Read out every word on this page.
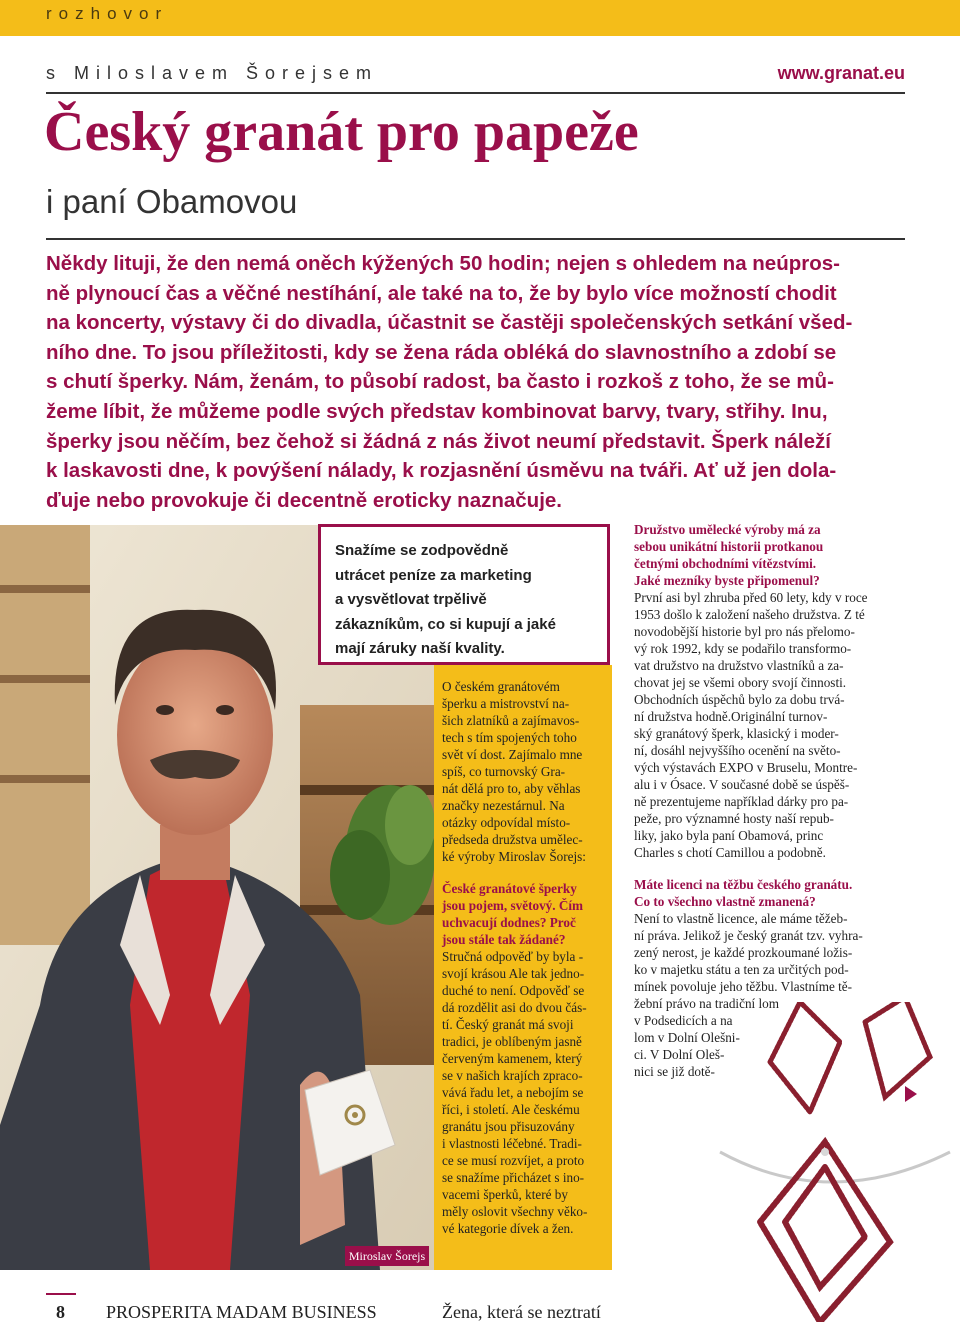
rozhovor
s Miloslavem Šorejsem	www.granat.eu
Český granát pro papeže
i paní Obamovou
Někdy lituji, že den nemá oněch kýžených 50 hodin; nejen s ohledem na neúpros-
ně plynoucí čas a věčné nestíhání, ale také na to, že by bylo více možností chodit
na koncerty, výstavy či do divadla, účastnit se častěji společenských setkání všed-
ního dne. To jsou příležitosti, kdy se žena ráda obléká do slavnostního a zdobí se
s chutí šperky. Nám, ženám, to působí radost, ba často i rozkoš z toho, že se mů-
žeme líbit, že můžeme podle svých představ kombinovat barvy, tvary, střihy. Inu,
šperky jsou něčím, bez čehož si žádná z nás život neumí představit. Šperk náleží
k laskavosti dne, k povýšení nálady, k rozjasnění úsměvu na tváři. Ať už jen dola-
ďuje nebo provokuje či decentně eroticky naznačuje.
Miroslav Šorejs
Snažíme se zodpovědně
utrácet peníze za marketing
a vysvětlovat trpělivě
zákazníkům, co si kupují a jaké
mají záruky naší kvality.
O českém granátovém
šperku a mistrovství na-
šich zlatníků a zajímavos-
tech s tím spojených toho
svět ví dost. Zajímalo mne
spíš, co turnovský Gra-
nát dělá pro to, aby věhlas
značky nezestárnul. Na
otázky odpovídal místo-
předseda družstva umělec-
ké výroby Miroslav Šorejs:
České granátové šperky
jsou pojem, světový. Čím
uchvacují dodnes? Proč
jsou stále tak žádané?
Stručná odpověď by byla -
svojí krásou Ale tak jedno-
duché to není. Odpověď se
dá rozdělit asi do dvou čás-
tí. Český granát má svoji
tradici, je oblíbeným jasně
červeným kamenem, který
se v našich krajích zpraco-
vává řadu let, a nebojím se
říci, i století. Ale českému
granátu jsou přisuzovány
i vlastnosti léčebné. Tradi-
ce se musí rozvíjet, a proto
se snažíme přicházet s ino-
vacemi šperků, které by
měly oslovit všechny věko-
vé kategorie dívek a žen.
Družstvo umělecké výroby má za
sebou unikátní historii protkanou
četnými obchodními vítězstvími.
Jaké mezníky byste připomenul?
První asi byl zhruba před 60 lety, kdy v roce
1953 došlo k založení našeho družstva. Z té
novodobější historie byl pro nás přelomo-
vý rok 1992, kdy se podařilo transformo-
vat družstvo na družstvo vlastníků a za-
chovat jej se všemi obory svojí činnosti.
Obchodních úspěchů bylo za dobu trvá-
ní družstva hodně.Originální turnov-
ský granátový šperk, klasický i moder-
ní, dosáhl nejvyššího ocenění na světo-
vých výstavách EXPO v Bruselu, Montre-
alu i v Ósace. V současné době se úspěš-
ně prezentujeme například dárky pro pa-
peže, pro významné hosty naší repub-
liky, jako byla paní Obamová, princ
Charles s chotí Camillou a podobně.
Máte licenci na těžbu českého granátu.
Co to všechno vlastně zmanená?
Není to vlastně licence, ale máme těžeb-
ní práva. Jelikož je český granát tzv. vyhra-
zený nerost, je každé prozkoumané ložis-
ko v majetku státu a ten za určitých pod-
mínek povoluje jeho těžbu. Vlastníme tě-
žební právo na tradiční lom
v Podsedicích a na
lom v Dolní Olešni-
ci. V Dolní Oleš-
nici se již dotě-
8 PROSPERITA MADAM BUSINESS	Žena, která se neztratí
